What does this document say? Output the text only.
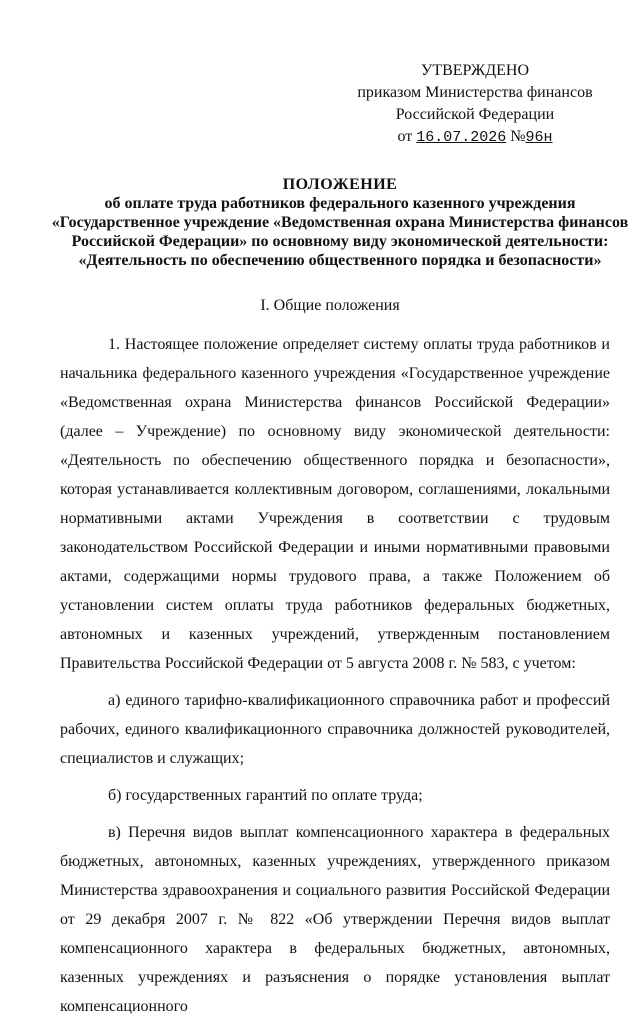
УТВЕРЖДЕНО
приказом Министерства финансов
Российской Федерации
от 16.07.2026 №96н
ПОЛОЖЕНИЕ
об оплате труда работников федерального казенного учреждения
«Государственное учреждение «Ведомственная охрана Министерства финансов
Российской Федерации» по основному виду экономической деятельности:
«Деятельность по обеспечению общественного порядка и безопасности»
I. Общие положения

1. Настоящее положение определяет систему оплаты труда работников и начальника федерального казенного учреждения «Государственное учреждение «Ведомственная охрана Министерства финансов Российской Федерации» (далее – Учреждение) по основному виду экономической деятельности: «Деятельность по обеспечению общественного порядка и безопасности», которая устанавливается коллективным договором, соглашениями, локальными нормативными актами Учреждения в соответствии с трудовым законодательством Российской Федерации и иными нормативными правовыми актами, содержащими нормы трудового права, а также Положением об установлении систем оплаты труда работников федеральных бюджетных, автономных и казенных учреждений, утвержденным постановлением Правительства Российской Федерации от 5 августа 2008 г. № 583, с учетом:

а) единого тарифно-квалификационного справочника работ и профессий рабочих, единого квалификационного справочника должностей руководителей, специалистов и служащих;

б) государственных гарантий по оплате труда;

в) Перечня видов выплат компенсационного характера в федеральных бюджетных, автономных, казенных учреждениях, утвержденного приказом Министерства здравоохранения и социального развития Российской Федерации от 29 декабря 2007 г. № 822 «Об утверждении Перечня видов выплат компенсационного характера в федеральных бюджетных, автономных, казенных учреждениях и разъяснения о порядке установления выплат компенсационного
